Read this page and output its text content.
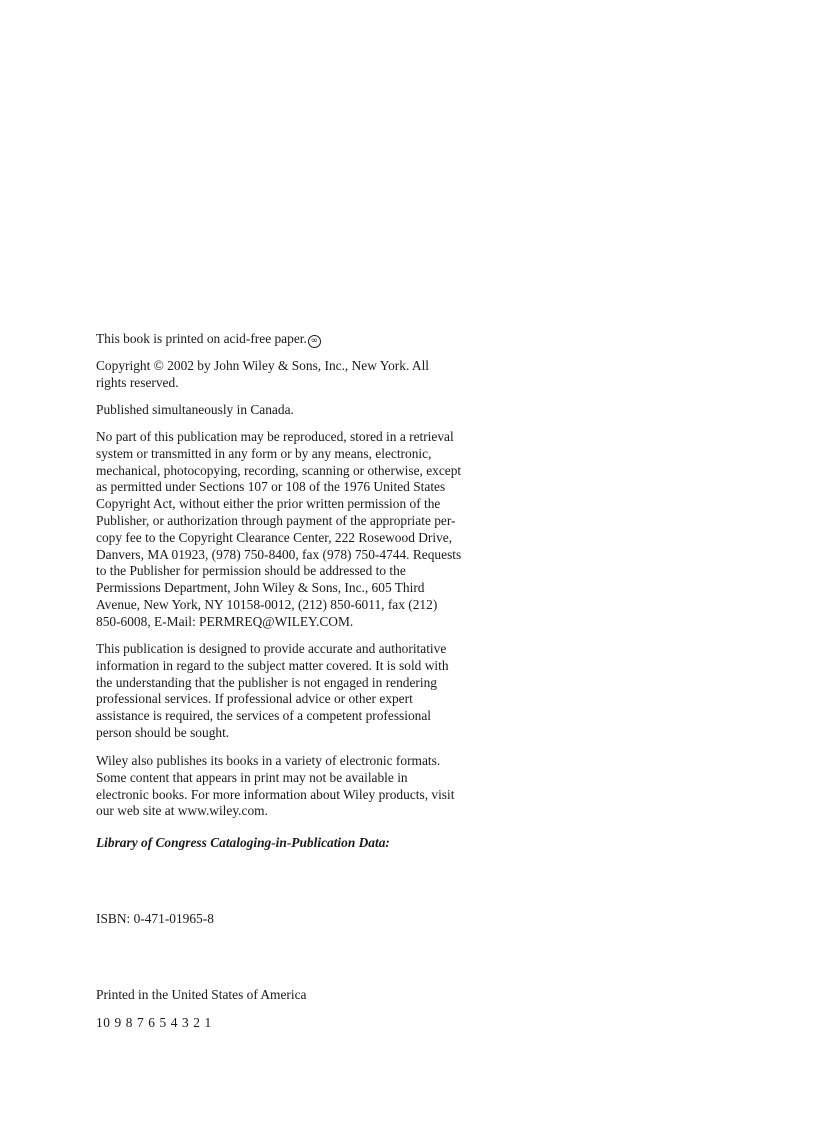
This book is printed on acid-free paper. ∞

Copyright © 2002 by John Wiley & Sons, Inc., New York. All
rights reserved.

Published simultaneously in Canada.

No part of this publication may be reproduced, stored in a retrieval
system or transmitted in any form or by any means, electronic,
mechanical, photocopying, recording, scanning or otherwise, except
as permitted under Sections 107 or 108 of the 1976 United States
Copyright Act, without either the prior written permission of the
Publisher, or authorization through payment of the appropriate per-
copy fee to the Copyright Clearance Center, 222 Rosewood Drive,
Danvers, MA 01923, (978) 750-8400, fax (978) 750-4744. Requests
to the Publisher for permission should be addressed to the
Permissions Department, John Wiley & Sons, Inc., 605 Third
Avenue, New York, NY 10158-0012, (212) 850-6011, fax (212)
850-6008, E-Mail: PERMREQ@WILEY.COM.

This publication is designed to provide accurate and authoritative
information in regard to the subject matter covered. It is sold with
the understanding that the publisher is not engaged in rendering
professional services. If professional advice or other expert
assistance is required, the services of a competent professional
person should be sought.

Wiley also publishes its books in a variety of electronic formats.
Some content that appears in print may not be available in
electronic books. For more information about Wiley products, visit
our web site at www.wiley.com.

Library of Congress Cataloging-in-Publication Data:

ISBN: 0-471-01965-8

Printed in the United States of America

10 9 8 7 6 5 4 3 2 1
